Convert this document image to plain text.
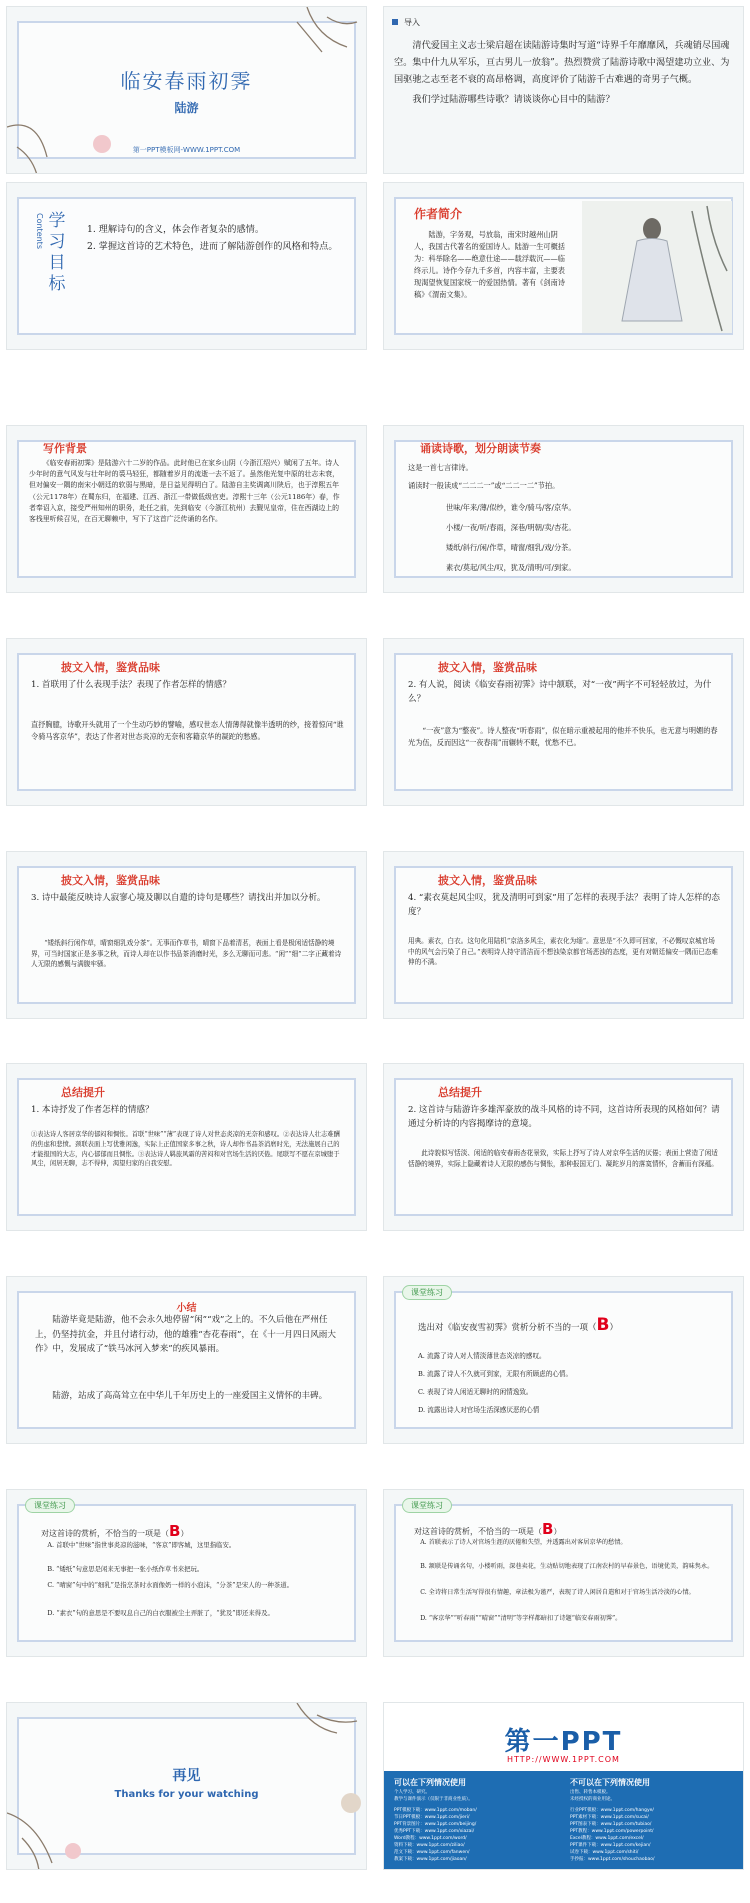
临安春雨初霁
陆游
第一PPT模板网-WWW.1PPT.COM
导入

清代爱国主义志士梁启超在读陆游诗集时写道“诗界千年靡靡风，兵魂销尽国魂空。集中什九从军乐，亘古男儿一放翁”。热烈赞赏了陆游诗歌中渴望建功立业、为国驱驰之志至老不衰的高昂格调，高度评价了陆游千古难遇的奇男子气概。

我们学过陆游哪些诗歌？请谈谈你心目中的陆游？

Contents 学习目标

1. 理解诗句的含义，体会作者复杂的感情。

2. 掌握这首诗的艺术特色，进而了解陆游创作的风格和特点。

作者简介

陆游，字务观，号放翁，南宋时越州山阴人，我国古代著名的爱国诗人。陆游一生可概括为：科举除名——绝意仕途——载浮载沉——临终示儿。诗作今存九千多首，内容丰富，主要表现渴望恢复国家统一的爱国热情。著有《剑南诗稿》《渭南文集》。

写作背景

《临安春雨初霁》是陆游六十二岁的作品。此时他已在家乡山阴（今浙江绍兴）赋闲了五年。诗人少年时的意气风发与壮年时的裘马轻狂，都随着岁月的流逝一去不返了。虽然他光复中原的壮志未衰，但对偏安一隅的南宋小朝廷的软弱与黑暗，是日益见得明白了。陆游自主奖调离川陕后，也于淳熙五年（公元1178年）在蜀东归，在福建、江西、浙江一带做低级官吏。淳熙十三年（公元1186年）春，作者奉诏入京，接受严州知州的职务，赴任之前，先到临安（今浙江杭州）去觐见皇帝，住在西湖边上的客栈里听候召见，在百无聊赖中，写下了这首广泛传诵的名作。

诵读诗歌，划分朗读节奏

这是一首七言律诗。

诵读时一般读成“二二二一”或“二二一二”节拍。

世味/年来/薄/似纱，谁令/骑马/客/京华。

小楼/一夜/听/春雨，深巷/明朝/卖/杏花。

矮纸/斜行/闲/作草，晴窗/细乳/戏/分茶。

素衣/莫起/风尘/叹，犹及/清明/可/到家。

披文入情，鉴赏品味

1. 首联用了什么表现手法？表现了作者怎样的情感？

直抒胸臆，诗歌开头就用了一个生动巧妙的譬喻，感叹世态人情薄得就像半透明的纱，接着惊问“谁令骑马客京华”，表达了作者对世态炎凉的无奈和客籍京华的凝跎的愁感。

披文入情，鉴赏品味

2. 有人说，阅读《临安春雨初霁》诗中颔联，对“一夜”两字不可轻轻放过，为什么？

“一夜”意为“整夜”。诗人整夜“听春雨”，似在暗示重被起用的他并不快乐，也无意与明媚的春光为伍，反而因这“一夜春雨”而辗转不眠，忧愁不已。

披文入情，鉴赏品味

3. 诗中最能反映诗人寂寥心境及聊以自遣的诗句是哪些？请找出并加以分析。

“矮纸斜行闲作草，晴窗细乳戏分茶”。无事而作草书，晴窗下品着清茗，表面上看是极闲适恬静的境界，可当时国家正是多事之秋，而诗人却在以作书品茶消磨时光，多么无聊而可悲。“闲”“细”二字正藏着诗人无限的感慨与满腹牢骚。

披文入情，鉴赏品味

4. “素衣莫起风尘叹，犹及清明可到家”用了怎样的表现手法？表明了诗人怎样的态度？

用典。素衣，白衣。这句化用陆机“京洛多风尘，素衣化为缁”。意思是“不久即可回家，不必慨叹京城官场中的风气会污染了自己。”表明诗人持守清洁而不想浊染京都官场恶浊的态度，更有对朝廷偏安一隅而已态难伸的不满。

总结提升

1. 本诗抒发了作者怎样的情感？

①表达诗人客居京华的郁闷和惆怅。首联“世味”“薄”表现了诗人对世态炎凉的无奈和感叹。②表达诗人壮志难酬的焦虑和悲愤。颈联表面上写优雅闲逸，实际上正值国家多事之秋，诗人却作书品茶消磨时光，无法施展自己的才能报国的大志，内心郁郁而且惆怅。③表达诗人羁旅风霜的苦闷和对官场生活的厌倦。尾联写不愿在京城堕于风尘，闲居无聊，志不得伸，渴望归家的自我安慰。

总结提升

2. 这首诗与陆游许多雄浑豪放的战斗风格的诗不同，这首诗所表现的风格如何？请通过分析诗的内容揭摩诗的意境。

此诗貌似写恬淡、闲适的临安春雨杏花景致，实际上抒写了诗人对京华生活的厌倦；表面上营造了闲适恬静的境界，实际上隐藏着诗人无限的感伤与惆怅，那种报国无门、凝跎岁月的落寞情怀，含蓄而有深蕴。

小结

陆游毕竟是陆游，他不会永久地停留“闲”“戏”之上的。不久后他在严州任上，仍坚持抗金，并且付诸行动，他的雄雅“杏花春雨”，在《十一月四日风雨大作》中，发展成了“铁马冰河入梦来”的疾风暴雨。

陆游，站成了高高耸立在中华儿千年历史上的一座爱国主义情怀的丰碑。

课堂练习
选出对《临安夜雪初霁》赏析分析不当的一项（B）

A. 流露了诗人对人情淡薄世态炎凉的感叹。

B. 流露了诗人不久就可到家，无限有所顾虑的心情。

C. 表现了诗人闲适无聊时的闲情逸致。

D. 流露出诗人对官场生活深感厌恶的心情

课堂练习
对这首诗的赏析，不恰当的一项是（B）

A. 首联中“世味”指世事炎凉的滋味，“客京”即客城，这里指临安。

B. “矮纸”句意思是闲来无事把一张小纸作草书来把玩。

C. “晴窗”句中的“细乳”是指烹茶时水面像奶一样的小泡沫，“分茶”是宋人的一种茶道。

D. “素衣”句的意思是不要叹息自己的白衣服被尘土弄脏了，“犹及”即还来得及。

课堂练习
对这首诗的赏析，不恰当的一项是（B）

A. 首联表示了诗人对官场生涯的厌倦和失望，并透露出对客居京华的愁情。

B. 颔联是传诵名句，小楼听雨，深巷卖花，生动贴切地表现了江南农村的早春景色，语境优美，韵味隽永。

C. 全诗将日常生活写得很有情趣，章法极为谨严，表现了诗人闲居自遣和对于官场生活冷淡的心情。

D. “客京华”“听春雨”“晴窗”“清明”等字样都暗扣了诗题“临安春雨初霁”。

再见
Thanks for your watching
第一PPT
HTTP://WWW.1PPT.COM
可以在下列情况使用	不可以在下列情况使用
个人学习、研究。
教学与课件演示（仅限于非商业性质）。
出售、转售本模板。
未经授权的商业用途。
PPT模板下载：www.1ppt.com/moban/
节日PPT模板：www.1ppt.com/jieri/
PPT背景图片：www.1ppt.com/beijing/
优秀PPT下载：www.1ppt.com/xiazai/
Word教程：www.1ppt.com/word/
资料下载：www.1ppt.com/ziliao/
范文下载：www.1ppt.com/fanwen/
教案下载：www.1ppt.com/jiaoan/
行业PPT模板：www.1ppt.com/hangye/
PPT素材下载：www.1ppt.com/sucai/
PPT图表下载：www.1ppt.com/tubiao/
PPT教程：www.1ppt.com/powerpoint/
Excel教程：www.1ppt.com/excel/
PPT课件下载：www.1ppt.com/kejian/
试卷下载：www.1ppt.com/shiti/
手抄报：www.1ppt.com/shouchaobao/
